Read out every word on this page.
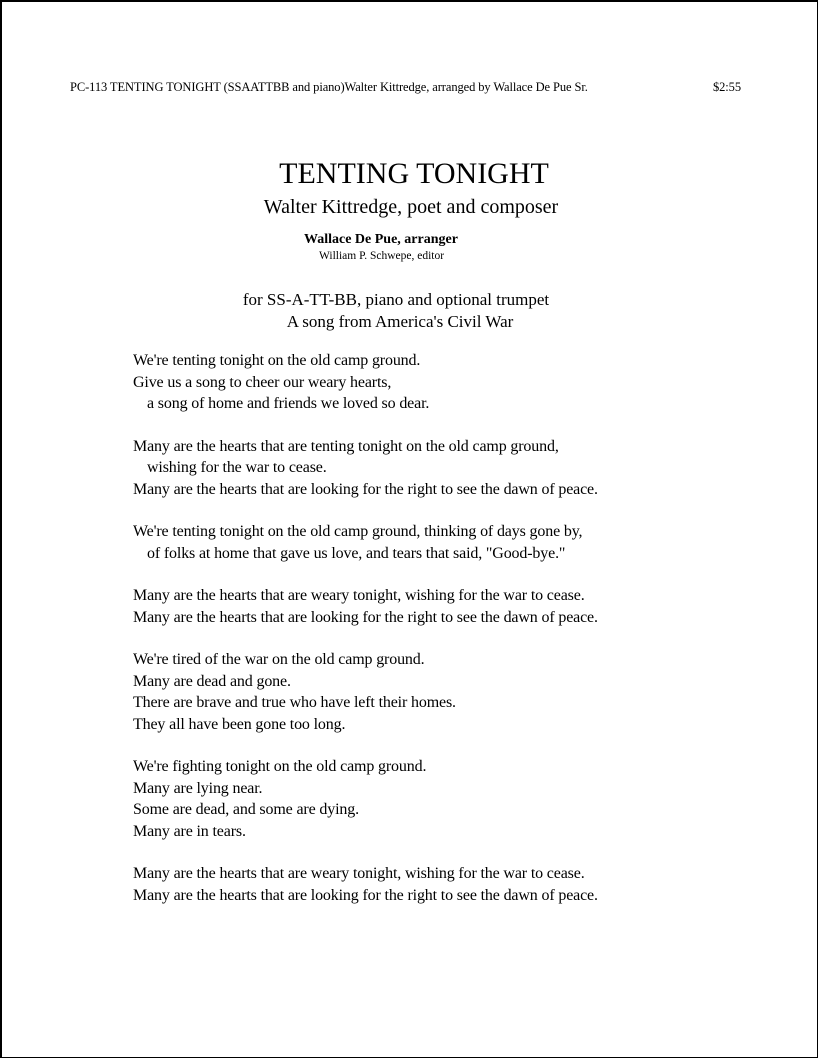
PC-113 TENTING TONIGHT (SSAATTBB and piano)Walter Kittredge, arranged by Wallace De Pue Sr.	$2:55
TENTING TONIGHT
Walter Kittredge, poet and composer
Wallace De Pue, arranger
William P. Schwepe, editor
for SS-A-TT-BB, piano and optional trumpet
A song from America's Civil War
We're tenting tonight on the old camp ground.
Give us a song to cheer our weary hearts,
a song of home and friends we loved so dear.
Many are the hearts that are tenting tonight on the old camp ground,
wishing for the war to cease.
Many are the hearts that are looking for the right to see the dawn of peace.
We're tenting tonight on the old camp ground, thinking of days gone by,
of folks at home that gave us love, and tears that said, "Good-bye."
Many are the hearts that are weary tonight, wishing for the war to cease.
Many are the hearts that are looking for the right to see the dawn of peace.
We're tired of the war on the old camp ground.
Many are dead and gone.
There are brave and true who have left their homes.
They all have been gone too long.
We're fighting tonight on the old camp ground.
Many are lying near.
Some are dead, and some are dying.
Many are in tears.
Many are the hearts that are weary tonight, wishing for the war to cease.
Many are the hearts that are looking for the right to see the dawn of peace.
